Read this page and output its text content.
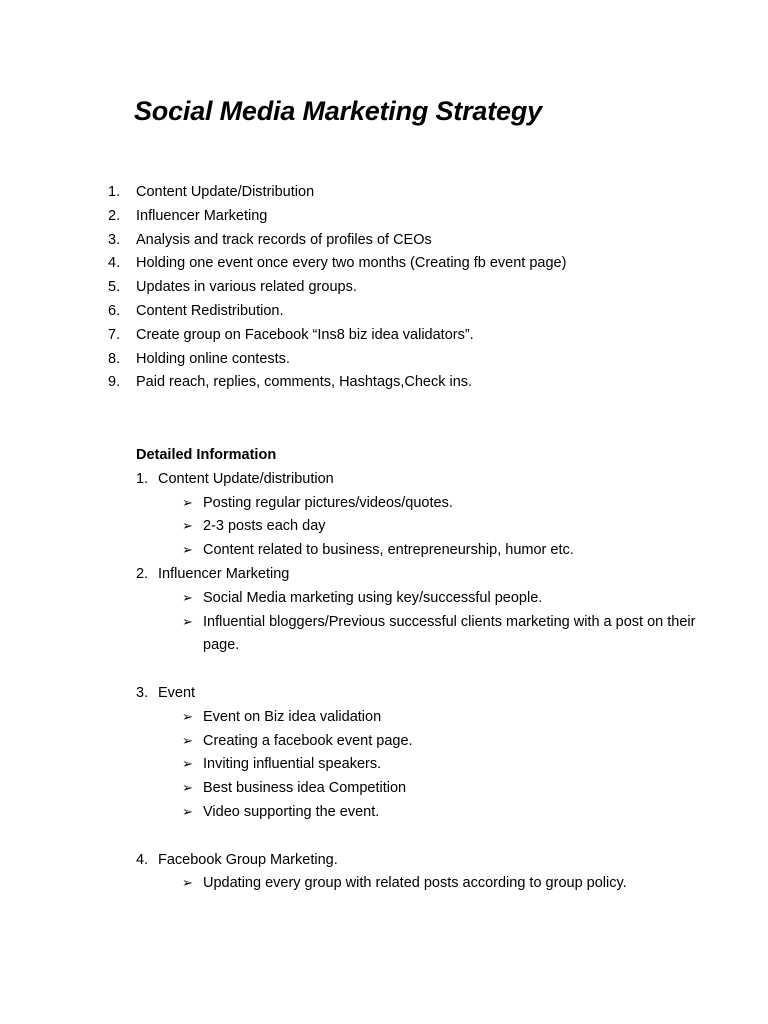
Social Media Marketing Strategy
1. Content Update/Distribution
2. Influencer Marketing
3. Analysis and track records of profiles of CEOs
4. Holding one event once every two months (Creating fb event page)
5. Updates in various related groups.
6. Content Redistribution.
7. Create group on Facebook “Ins8 biz idea validators”.
8. Holding online contests.
9. Paid reach, replies, comments, Hashtags,Check ins.
Detailed Information
1. Content Update/distribution
➢ Posting regular pictures/videos/quotes.
➢ 2-3 posts each day
➢ Content related to business, entrepreneurship, humor etc.
2. Influencer Marketing
➢ Social Media marketing using key/successful people.
➢ Influential bloggers/Previous successful clients marketing with a post on their page.
3. Event
➢ Event on Biz idea validation
➢ Creating a facebook event page.
➢ Inviting influential speakers.
➢ Best business idea Competition
➢ Video supporting the event.
4. Facebook Group Marketing.
➢ Updating every group with related posts according to group policy.
